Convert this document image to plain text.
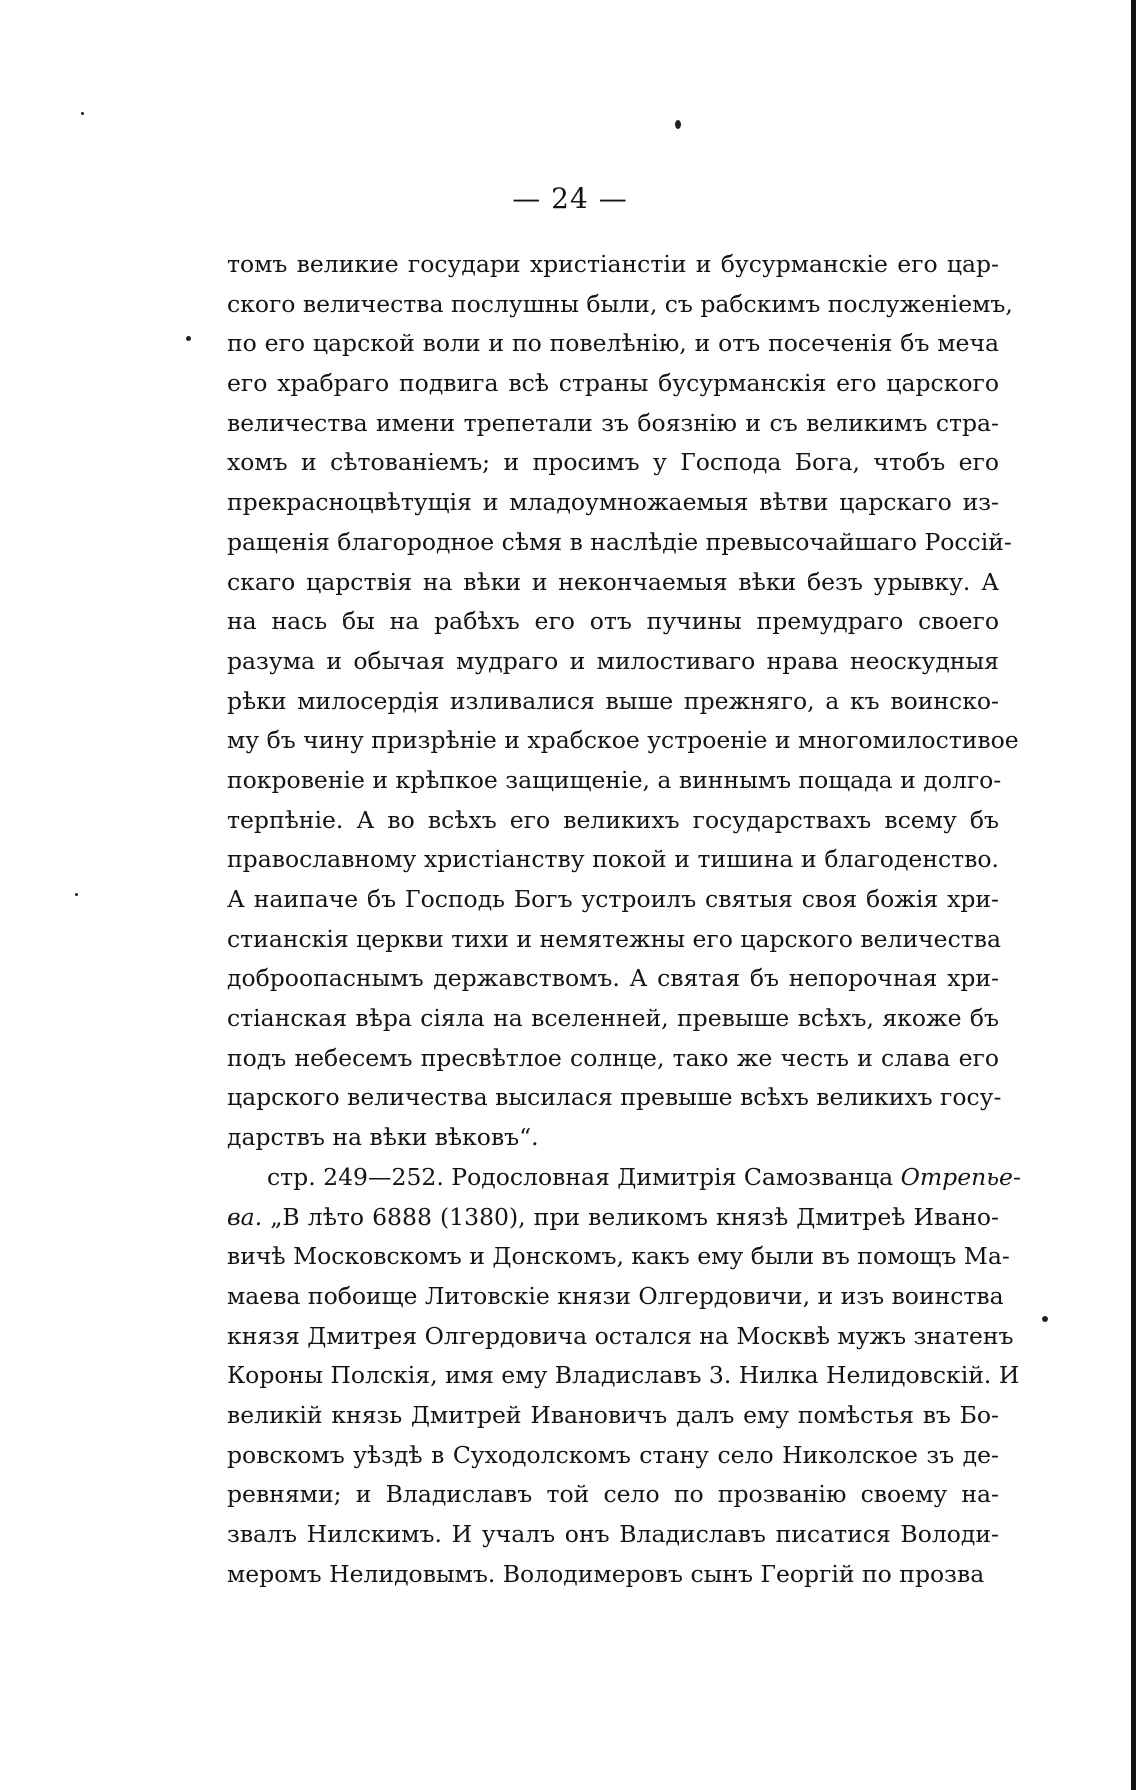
— 24 —
томъ великие государи христіанстіи и бусурманскіе его цар-
ского величества послушны были, съ рабскимъ послуженіемъ,
по его царской воли и по повелѣнію, и отъ посеченія бъ меча
его храбраго подвига всѣ страны бусурманскія его царского
величества имени трепетали зъ боязнію и съ великимъ стра-
хомъ и сѣтованіемъ; и просимъ у Господа Бога, чтобъ его
прекраснoцвѣтущія и младоумножаемыя вѣтви царскаго из-
ращенія благородное сѣмя в наслѣдіе превысочайшаго Россій-
скаго царствія на вѣки и некончаемыя вѣки безъ урывку. А
на нась бы на рабѣхъ его отъ пучины премудраго своего
разума и обычая мудраго и милостиваго нрава неоскудныя
рѣки милосердія изливалися выше прежняго, а къ воинско-
му бъ чину призрѣніе и храбское устроеніе и многомилостивое
покровеніе и крѣпкое защищеніе, а виннымъ пощада и долго-
терпѣніе. А во всѣхъ его великихъ государствахъ всему бъ
православному христіанству покой и тишина и благоденство.
А наипаче бъ Господь Богъ устроилъ святыя своя божія хри-
стианскія церкви тихи и немятежны его царского величества
доброопаснымъ державствомъ. А святая бъ непорочная хри-
стіанская вѣра сіяла на вселенней, превыше всѣхъ, якоже бъ
подъ небесемъ пресвѣтлое солнце, тако же честь и слава его
царского величества высилася превыше всѣхъ великихъ госу-
дарствъ на вѣки вѣковъ“.
стр. 249—252. Родословная Димитрія Самозванца Отрепье-
ва. „В лѣто 6888 (1380), при великомъ князѣ Дмитреѣ Ивано-
вичѣ Московскомъ и Донскомъ, какъ ему были въ помощъ Ма-
маева побоище Литовскіе князи Олгердовичи, и изъ воинства
князя Дмитрея Олгердовича остался на Москвѣ мужъ знатенъ
Короны Полскія, имя ему Владиславъ 3. Нилка Нелидовскій. И
великій князь Дмитрей Ивановичъ далъ ему помѣстья въ Бо-
ровскомъ уѣздѣ в Суходолскомъ стану село Николское зъ де-
ревнями; и Владиславъ той село по прозванію своему на-
звалъ Нилскимъ. И учалъ онъ Владиславъ писатися Володи-
меромъ Нелидовымъ. Володимеровъ сынъ Георгій по прозва
